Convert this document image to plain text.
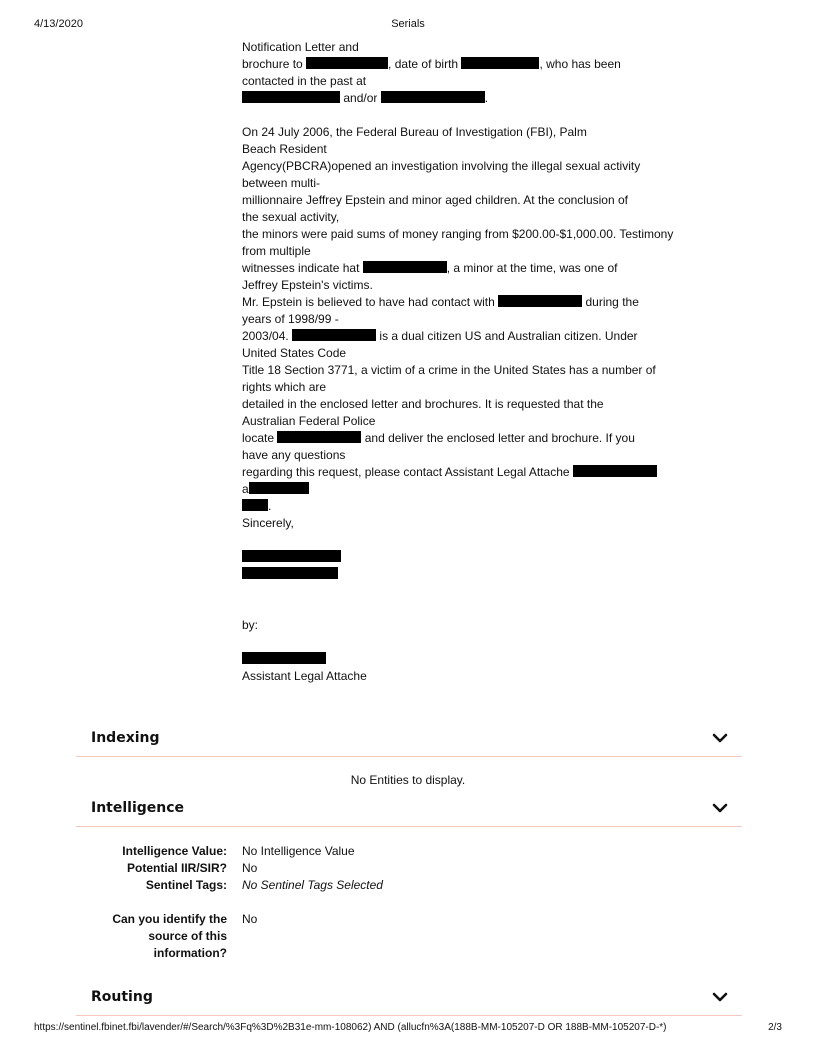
4/13/2020	Serials
Notification Letter and
brochure to	, date of birth	, who has been
contacted in the past at
and/or	.
On 24 July 2006, the Federal Bureau of Investigation (FBI), Palm
Beach Resident
Agency(PBCRA)opened an investigation involving the illegal sexual activity
between multi-
millionnaire Jeffrey Epstein and minor aged children. At the conclusion of
the sexual activity,
the minors were paid sums of money ranging from $200.00-$1,000.00. Testimony
from multiple
witnesses indicate hat	, a minor at the time, was one of
Jeffrey Epstein's victims.
Mr. Epstein is believed to have had contact with	during the
years of 1998/99 -
2003/04.	is a dual citizen US and Australian citizen. Under
United States Code
Title 18 Section 3771, a victim of a crime in the United States has a number of
rights which are
detailed in the enclosed letter and brochures. It is requested that the
Australian Federal Police
locate	and deliver the enclosed letter and brochure. If you
have any questions
regarding this request, please contact Assistant Legal Attache
a
.
Sincerely,
by:
Assistant Legal Attache
Indexing
No Entities to display.
Intelligence
Intelligence Value: No Intelligence Value
Potential IIR/SIR? No
Sentinel Tags: No Sentinel Tags Selected
Can you identify the
source of this
information?
No
Routing
https://sentinel.fbinet.fbi/lavender/#/Search/%3Fq%3D%2B31e-mm-108062) AND (allucfn%3A(188B-MM-105207-D OR 188B-MM-105207-D-*)	2/3
